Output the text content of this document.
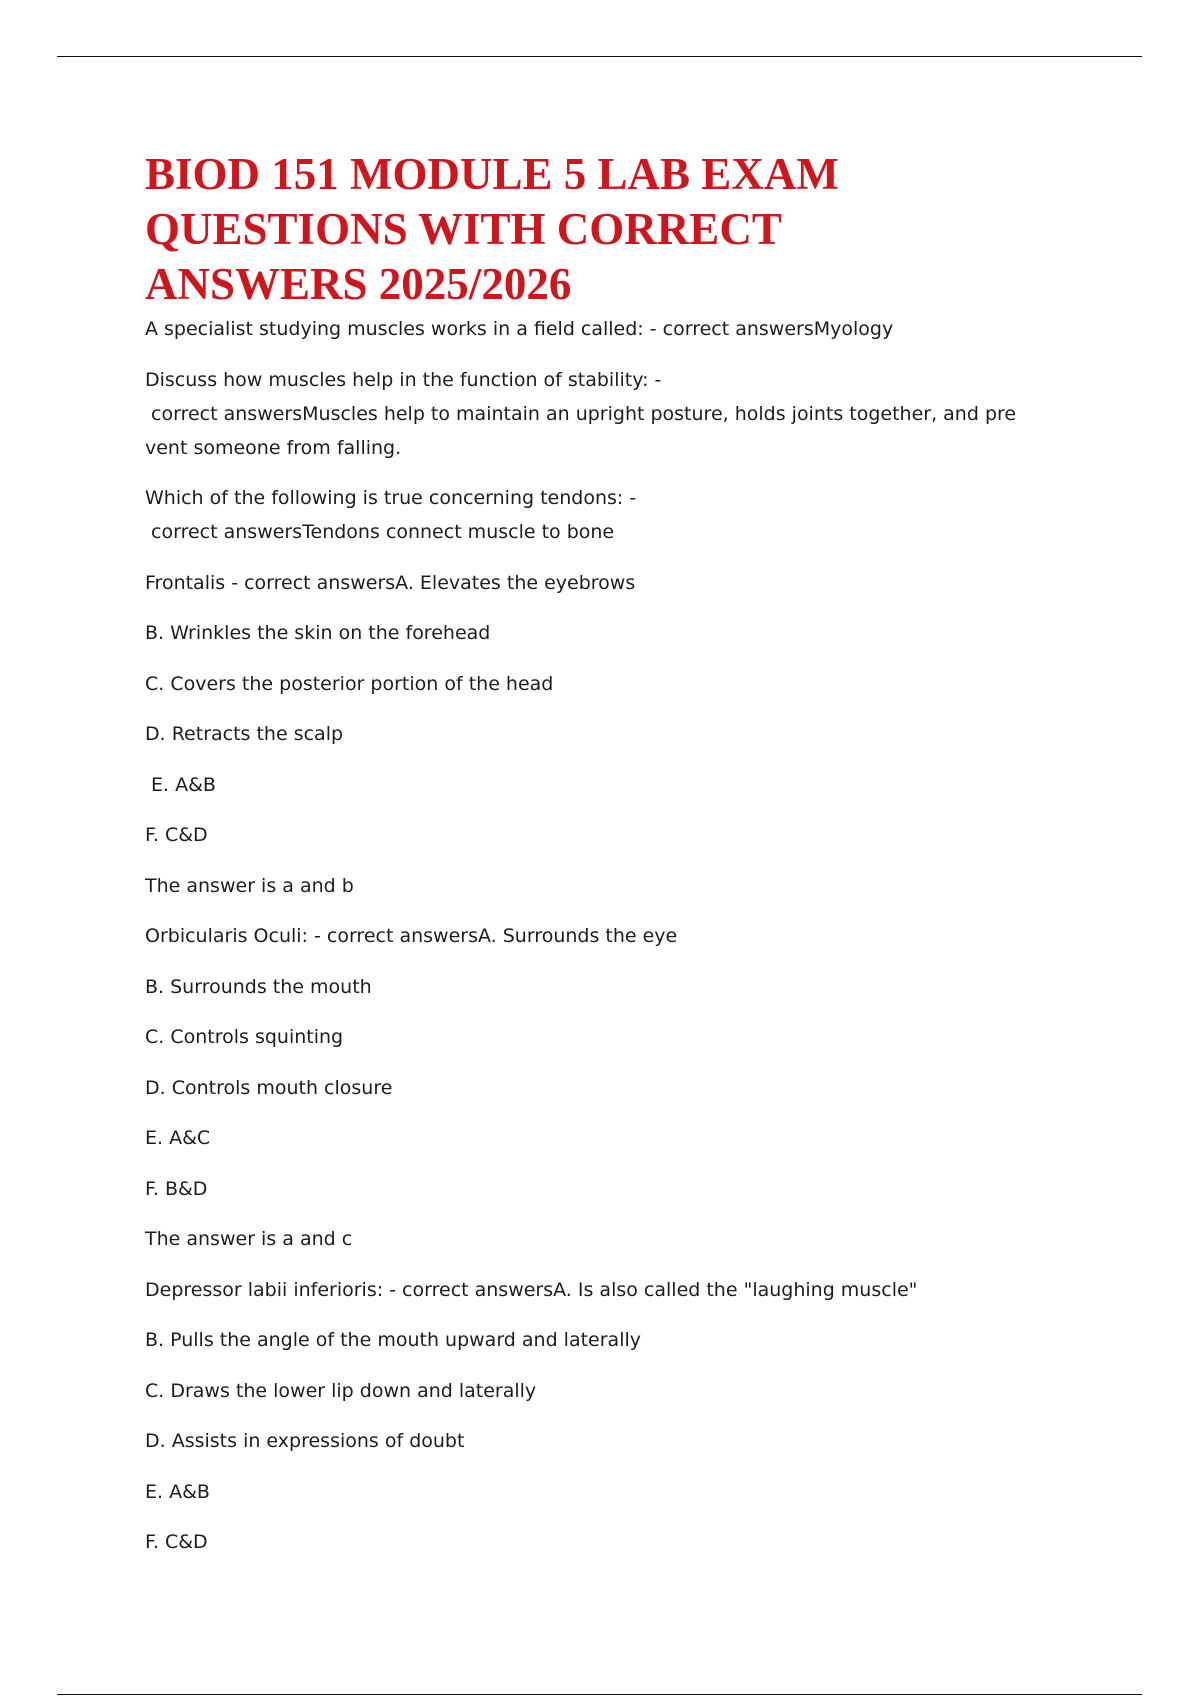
BIOD 151 MODULE 5 LAB EXAM QUESTIONS WITH CORRECT ANSWERS 2025/2026
A specialist studying muscles works in a field called: - correct answersMyology
Discuss how muscles help in the function of stability: -
correct answersMuscles help to maintain an upright posture, holds joints together, and pre
vent someone from falling.
Which of the following is true concerning tendons: -
correct answersTendons connect muscle to bone
Frontalis - correct answersA. Elevates the eyebrows
B. Wrinkles the skin on the forehead
C. Covers the posterior portion of the head
D. Retracts the scalp
E. A&B
F. C&D
The answer is a and b
Orbicularis Oculi: - correct answersA. Surrounds the eye
B. Surrounds the mouth
C. Controls squinting
D. Controls mouth closure
E. A&C
F. B&D
The answer is a and c
Depressor labii inferioris: - correct answersA. Is also called the "laughing muscle"
B. Pulls the angle of the mouth upward and laterally
C. Draws the lower lip down and laterally
D. Assists in expressions of doubt
E. A&B
F. C&D
